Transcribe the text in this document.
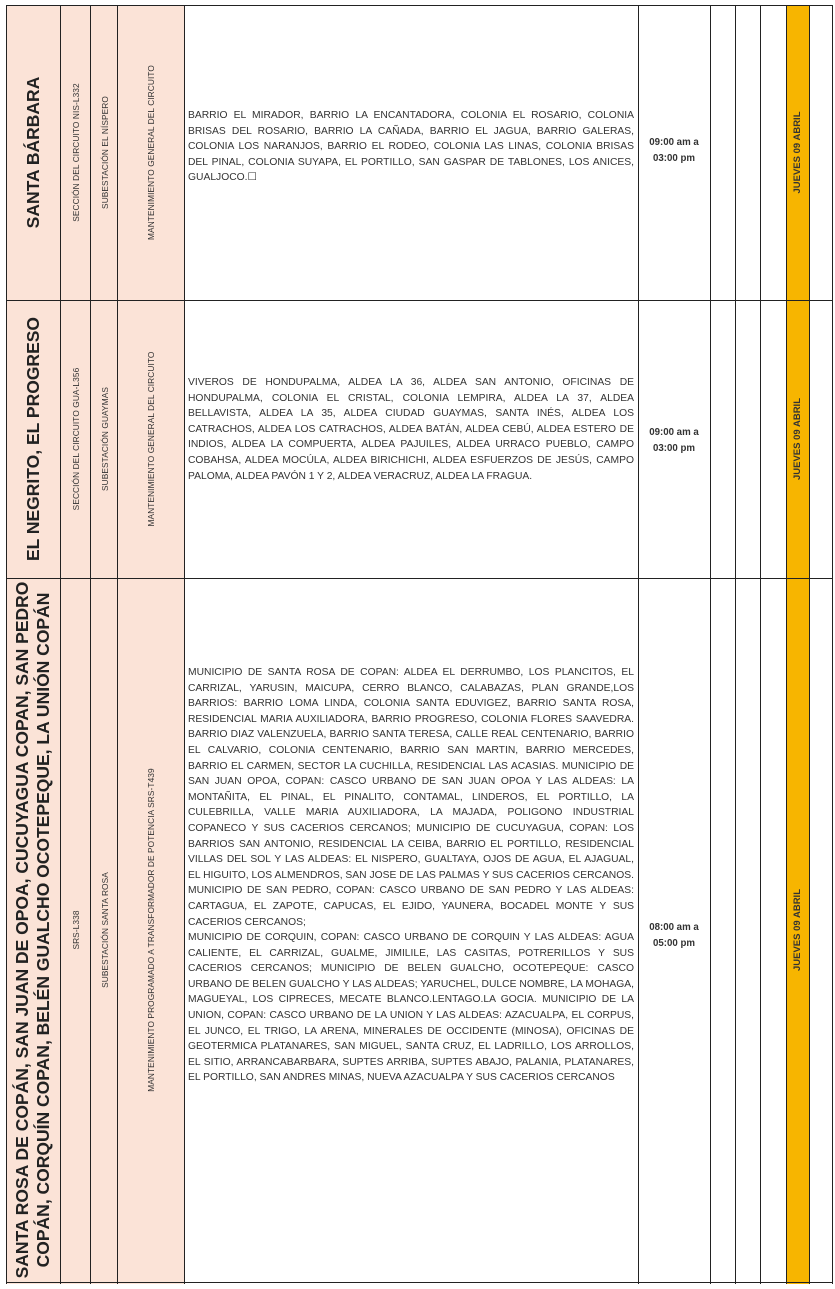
SANTA BÁRBARA	SECCIÓN DEL CIRCUITO NIS-L332	SUBESTACIÓN EL NÍSPERO	MANTENIMIENTO GENERAL DEL CIRCUITO	BARRIO EL MIRADOR, BARRIO LA ENCANTADORA, COLONIA EL ROSARIO, COLONIA BRISAS DEL ROSARIO, BARRIO LA CAÑADA, BARRIO EL JAGUA, BARRIO GALERAS, COLONIA LOS NARANJOS, BARRIO EL RODEO, COLONIA LAS LINAS, COLONIA BRISAS DEL PINAL, COLONIA SUYAPA, EL PORTILLO, SAN GASPAR DE TABLONES, LOS ANICES, GUALJOCO.☐
09:00 am a
03:00 pm	JUEVES 09 ABRIL
EL NEGRITO, EL PROGRESO	SECCIÓN DEL CIRCUITO GUA-L356	SUBESTACIÓN GUAYMAS	MANTENIMIENTO GENERAL DEL CIRCUITO	VIVEROS DE HONDUPALMA, ALDEA LA 36, ALDEA SAN ANTONIO, OFICINAS DE HONDUPALMA, COLONIA EL CRISTAL, COLONIA LEMPIRA, ALDEA LA 37, ALDEA BELLAVISTA, ALDEA LA 35, ALDEA CIUDAD GUAYMAS, SANTA INÉS, ALDEA LOS CATRACHOS, ALDEA LOS CATRACHOS, ALDEA BATÁN, ALDEA CEBÚ, ALDEA ESTERO DE INDIOS, ALDEA LA COMPUERTA, ALDEA PAJUILES, ALDEA URRACO PUEBLO, CAMPO COBAHSA, ALDEA MOCÚLA, ALDEA BIRICHICHI, ALDEA ESFUERZOS DE JESÚS, CAMPO PALOMA, ALDEA PAVÓN 1 Y 2, ALDEA VERACRUZ, ALDEA LA FRAGUA.
09:00 am a
03:00 pm	JUEVES 09 ABRIL
SANTA ROSA DE COPÁN, SAN JUAN DE OPOA, CUCUYAGUA COPAN, SAN PEDRO COPÁN, CORQUÍN COPAN, BELÉN GUALCHO OCOTEPEQUE, LA UNIÓN COPÁN	SRS-L338	SUBESTACIÓN SANTA ROSA	MANTENIMIENTO PROGRAMADO A TRANSFORMADOR DE POTENCIA SRS-T439
MUNICIPIO DE SANTA ROSA DE COPAN: ALDEA EL DERRUMBO, LOS PLANCITOS, EL CARRIZAL, YARUSIN, MAICUPA, CERRO BLANCO, CALABAZAS, PLAN GRANDE,LOS BARRIOS: BARRIO LOMA LINDA, COLONIA SANTA EDUVIGEZ, BARRIO SANTA ROSA, RESIDENCIAL MARIA AUXILIADORA, BARRIO PROGRESO, COLONIA FLORES SAAVEDRA. BARRIO DIAZ VALENZUELA, BARRIO SANTA TERESA, CALLE REAL CENTENARIO, BARRIO EL CALVARIO, COLONIA CENTENARIO, BARRIO SAN MARTIN, BARRIO MERCEDES, BARRIO EL CARMEN, SECTOR LA CUCHILLA, RESIDENCIAL LAS ACASIAS. MUNICIPIO DE SAN JUAN OPOA, COPAN: CASCO URBANO DE SAN JUAN OPOA Y LAS ALDEAS: LA MONTAÑITA, EL PINAL, EL PINALITO, CONTAMAL, LINDEROS, EL PORTILLO, LA CULEBRILLA, VALLE MARIA AUXILIADORA, LA MAJADA, POLIGONO INDUSTRIAL COPANECO Y SUS CACERIOS CERCANOS; MUNICIPIO DE CUCUYAGUA, COPAN: LOS BARRIOS SAN ANTONIO, RESIDENCIAL LA CEIBA, BARRIO EL PORTILLO, RESIDENCIAL VILLAS DEL SOL Y LAS ALDEAS: EL NISPERO, GUALTAYA, OJOS DE AGUA, EL AJAGUAL, EL HIGUITO, LOS ALMENDROS, SAN JOSE DE LAS PALMAS Y SUS CACERIOS CERCANOS. MUNICIPIO DE SAN PEDRO, COPAN: CASCO URBANO DE SAN PEDRO Y LAS ALDEAS: CARTAGUA, EL ZAPOTE, CAPUCAS, EL EJIDO, YAUNERA, BOCADEL MONTE Y SUS CACERIOS CERCANOS;
MUNICIPIO DE CORQUIN, COPAN: CASCO URBANO DE CORQUIN Y LAS ALDEAS: AGUA CALIENTE, EL CARRIZAL, GUALME, JIMILILE, LAS CASITAS, POTRERILLOS Y SUS CACERIOS CERCANOS; MUNICIPIO DE BELEN GUALCHO, OCOTEPEQUE: CASCO URBANO DE BELEN GUALCHO Y LAS ALDEAS; YARUCHEL, DULCE NOMBRE, LA MOHAGA, MAGUEYAL, LOS CIPRECES, MECATE BLANCO.LENTAGO.LA GOCIA. MUNICIPIO DE LA UNION, COPAN: CASCO URBANO DE LA UNION Y LAS ALDEAS: AZACUALPA, EL CORPUS, EL JUNCO, EL TRIGO, LA ARENA, MINERALES DE OCCIDENTE (MINOSA), OFICINAS DE GEOTERMICA PLATANARES, SAN MIGUEL, SANTA CRUZ, EL LADRILLO, LOS ARROLLOS, EL SITIO, ARRANCABARBARA, SUPTES ARRIBA, SUPTES ABAJO, PALANIA, PLATANARES, EL PORTILLO, SAN ANDRES MINAS, NUEVA AZACUALPA Y SUS CACERIOS CERCANOS
08:00 am a
05:00 pm	JUEVES 09 ABRIL
